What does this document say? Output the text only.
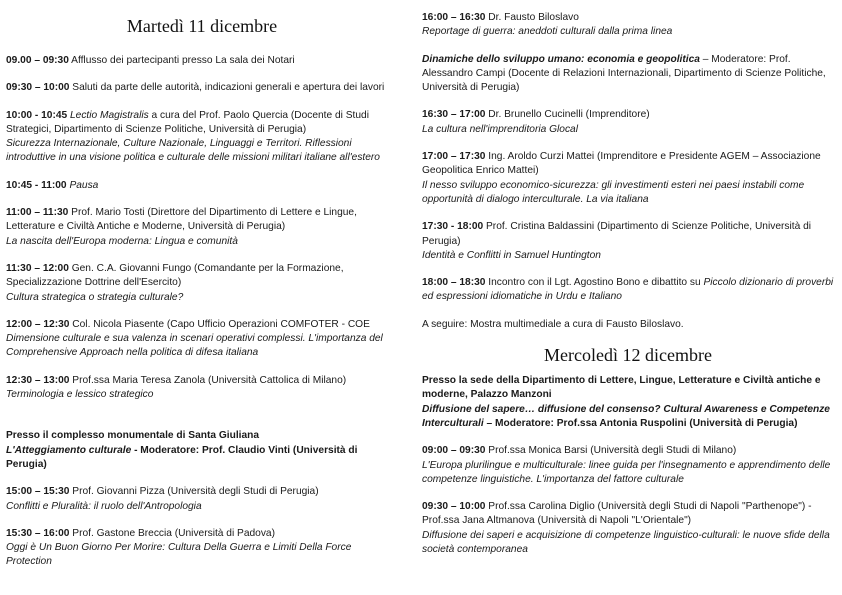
Martedì 11 dicembre

09.00 – 09:30 Afflusso dei partecipanti presso La sala dei Notari

09:30 – 10:00 Saluti da parte delle autorità, indicazioni generali e apertura dei lavori

10:00 - 10:45 Lectio Magistralis a cura del Prof. Paolo Quercia (Docente di Studi Strategici, Dipartimento di Scienze Politiche, Università di Perugia)
Sicurezza Internazionale, Culture Nazionale, Linguaggi e Territori. Riflessioni introduttive in una visione politica e culturale delle missioni militari italiane all'estero

10:45 - 11:00 Pausa

11:00 – 11:30 Prof. Mario Tosti (Direttore del Dipartimento di Lettere e Lingue, Letterature e Civiltà Antiche e Moderne, Università di Perugia)
La nascita dell'Europa moderna: Lingua e comunità

11:30 – 12:00 Gen. C.A. Giovanni Fungo (Comandante per la Formazione, Specializzazione Dottrine dell'Esercito)
Cultura strategica o strategia culturale?

12:00 – 12:30 Col. Nicola Piasente (Capo Ufficio Operazioni COMFOTER - COE
Dimensione culturale e sua valenza in scenari operativi complessi. L'importanza del Comprehensive Approach nella politica di difesa italiana

12:30 – 13:00 Prof.ssa Maria Teresa Zanola (Università Cattolica di Milano)
Terminologia e lessico strategico

Presso il complesso monumentale di Santa Giuliana
L'Atteggiamento culturale - Moderatore: Prof. Claudio Vinti (Università di Perugia)

15:00 – 15:30 Prof. Giovanni Pizza (Università degli Studi di Perugia)
Conflitti e Pluralità: il ruolo dell'Antropologia

15:30 – 16:00 Prof. Gastone Breccia (Università di Padova)
Oggi è Un Buon Giorno Per Morire: Cultura Della Guerra e Limiti Della Force Protection

16:00 – 16:30 Dr. Fausto Biloslavo
Reportage di guerra: aneddoti culturali dalla prima linea

Dinamiche dello sviluppo umano: economia e geopolitica – Moderatore: Prof. Alessandro Campi (Docente di Relazioni Internazionali, Dipartimento di Scienze Politiche, Università di Perugia)

16:30 – 17:00 Dr. Brunello Cucinelli (Imprenditore)
La cultura nell'imprenditoria Glocal

17:00 – 17:30 Ing. Aroldo Curzi Mattei (Imprenditore e Presidente AGEM – Associazione Geopolitica Enrico Mattei)
Il nesso sviluppo economico-sicurezza: gli investimenti esteri nei paesi instabili come opportunità di dialogo interculturale. La via italiana

17:30 - 18:00 Prof. Cristina Baldassini (Dipartimento di Scienze Politiche, Università di Perugia)
Identità e Conflitti in Samuel Huntington

18:00 – 18:30 Incontro con il Lgt. Agostino Bono e dibattito su Piccolo dizionario di proverbi ed espressioni idiomatiche in Urdu e Italiano

A seguire: Mostra multimediale a cura di Fausto Biloslavo.

Mercoledì 12 dicembre

Presso la sede della Dipartimento di Lettere, Lingue, Letterature e Civiltà antiche e moderne, Palazzo Manzoni
Diffusione del sapere… diffusione del consenso? Cultural Awareness e Competenze Interculturali – Moderatore: Prof.ssa Antonia Ruspolini (Università di Perugia)

09:00 – 09:30 Prof.ssa Monica Barsi (Università degli Studi di Milano)
L'Europa plurilingue e multiculturale: linee guida per l'insegnamento e apprendimento delle competenze linguistiche. L'importanza del fattore culturale

09:30 – 10:00 Prof.ssa Carolina Diglio (Università degli Studi di Napoli "Parthenope") - Prof.ssa Jana Altmanova (Università di Napoli "L'Orientale")
Diffusione dei saperi e acquisizione di competenze linguistico-culturali: le nuove sfide della società contemporanea
